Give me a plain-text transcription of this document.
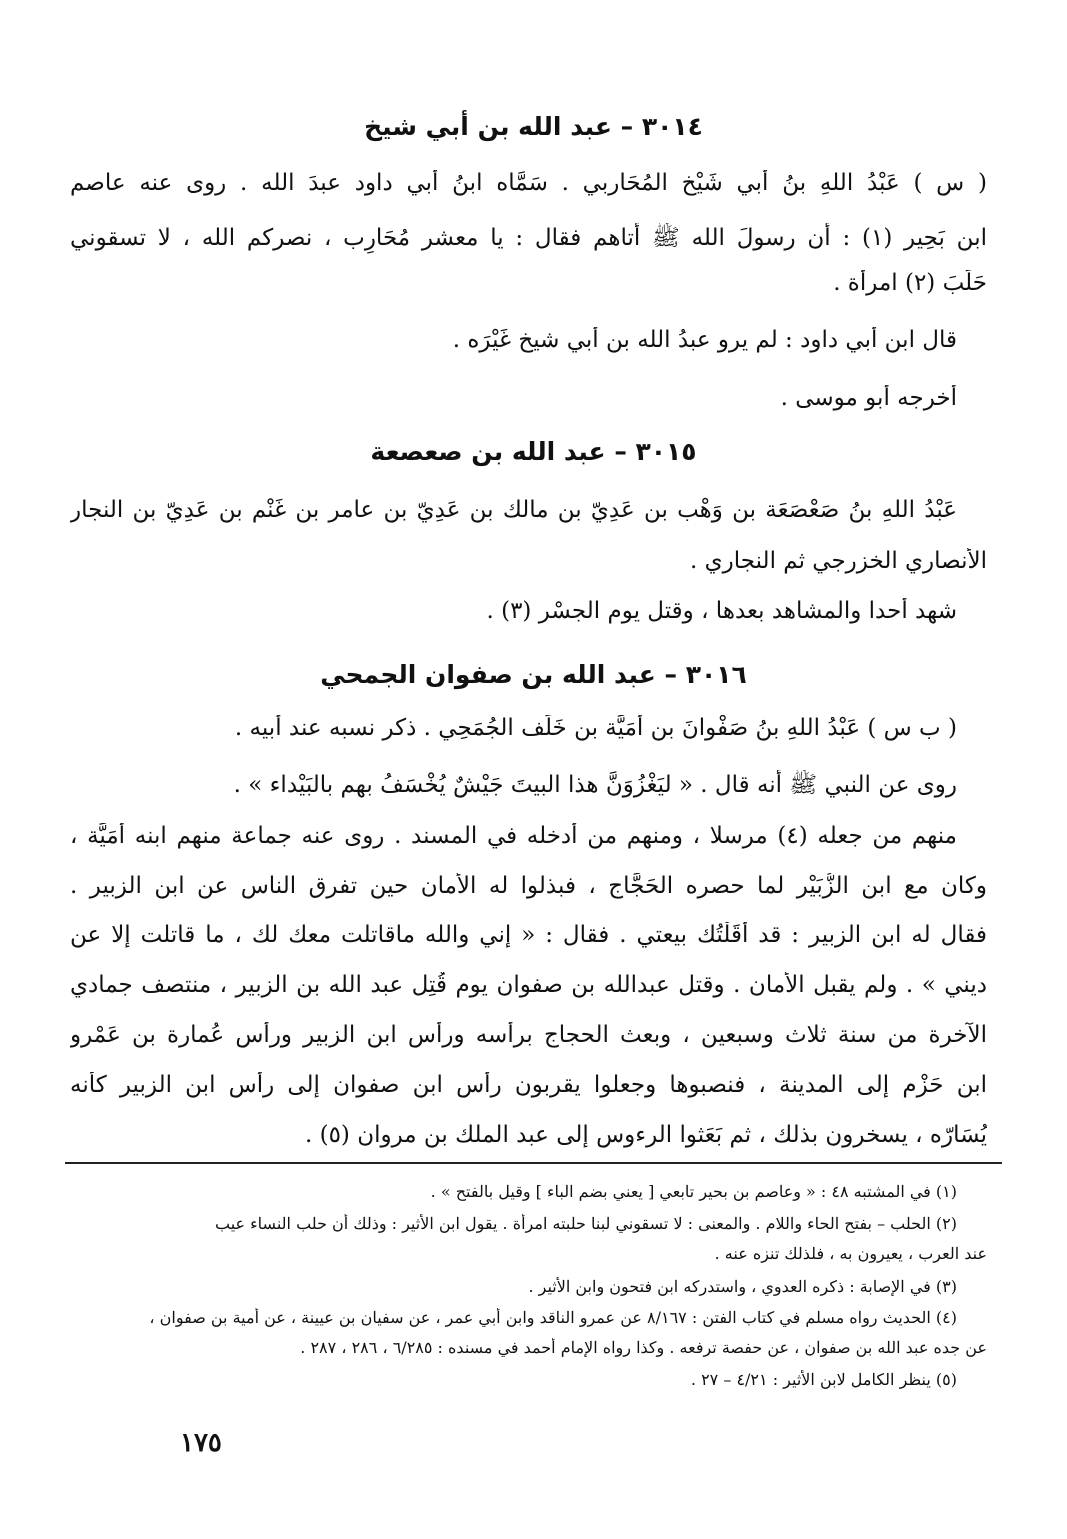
٣٠١٤ – عبد الله بن أبي شيخ
( س ) عَبْدُ اللهِ بنُ أَبي شَيْخ المُحَارِبي . سَمَّاه ابنُ أبي داود عبدَ الله . روى عنه عاصم
ابن بَحِير (١) : أن رسولَ الله ﷺ أتاهم فقال : يا معشر مُحَارِب ، نصركم الله ، لا تسقوني
حَلَبَ (٢) امرأة .
قال ابن أبي داود : لم يرو عبدُ الله بن أبي شيخ غَيْرَه .
أخرجه أبو موسى .
٣٠١٥ – عبد الله بن صعصعة
عَبْدُ اللهِ بنُ صَعْصَعَة بن وَهْب بن عَدِيّ بن مالك بن عَدِيّ بن عامر بن غَنْم بن عَدِيّ بن النجار
الأنصاري الخزرجي ثم النجاري .
شهد أحدا والمشاهد بعدها ، وقتل يوم الجسْر (٣) .
٣٠١٦ – عبد الله بن صفوان الجمحي
( ب س ) عَبْدُ اللهِ بنُ صَفْوانَ بن أُمَيَّة بن خَلَف الجُمَحِي . ذكر نسبه عند أبيه .
روى عن النبي ﷺ أنه قال . « ليَغْزُوَنَّ هذا البيتَ جَيْشٌ يُخْسَفُ بهم بالبَيْداء » .
منهم من جعله (٤) مرسلا ، ومنهم من أدخله في المسند . روى عنه جماعة منهم ابنه أُمَيَّة ،
وكان مع ابن الزُّبَيْر لما حصره الحَجَّاج ، فبذلوا له الأمان حين تفرق الناس عن ابن الزبير .
فقال له ابن الزبير : قد أَقَلْتُك بيعتي . فقال : « إني والله ماقاتلت معك لك ، ما قاتلت إلا عن
ديني » . ولم يقبل الأمان . وقتل عبدالله بن صفوان يوم قُتِل عبد الله بن الزبير ، منتصف جمادي
الآخرة من سنة ثلاث وسبعين ، وبعث الحجاج برأسه ورأس ابن الزبير ورأس عُمارة بن عَمْرو
ابن حَزْم إلى المدينة ، فنصبوها وجعلوا يقربون رأس ابن صفوان إلى رأس ابن الزبير كأنه
يُسَارّه ، يسخرون بذلك ، ثم بَعَثوا الرءوس إلى عبد الملك بن مروان (٥) .
(١) في المشتبه ٤٨ : « وعاصم بن بحير تابعي [ يعني بضم الباء ] وقيل بالفتح » .
(٢) الحلب – بفتح الحاء واللام . والمعنى : لا تسقوني لبنا حلبته امرأة . يقول ابن الأثير : وذلك أن حلب النساء عيب
عند العرب ، يعيرون به ، فلذلك تنزه عنه .
(٣) في الإصابة : ذكره العدوي ، واستدركه ابن فتحون وابن الأثير .
(٤) الحديث رواه مسلم في كتاب الفتن : ٨/١٦٧ عن عمرو الناقد وابن أبي عمر ، عن سفيان بن عيينة ، عن أمية بن صفوان ،
عن جده عبد الله بن صفوان ، عن حفصة ترفعه . وكذا رواه الإمام أحمد في مسنده : ٦/٢٨٥ ، ٢٨٦ ، ٢٨٧ .
(٥) ينظر الكامل لابن الأثير : ٤/٢١ – ٢٧ .
١٧٥
